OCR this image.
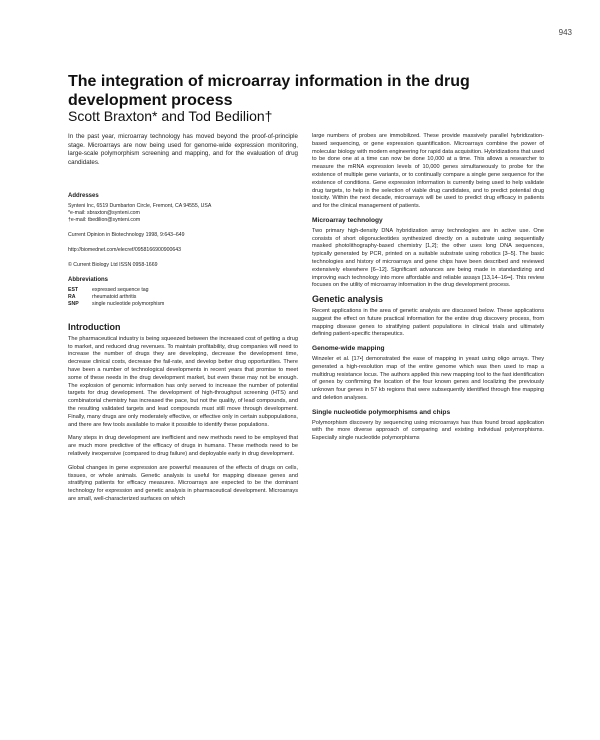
943
The integration of microarray information in the drug development process
Scott Braxton* and Tod Bedilion†

In the past year, microarray technology has moved beyond the proof-of-principle stage. Microarrays are now being used for genome-wide expression monitoring, large-scale polymorphism screening and mapping, and for the evaluation of drug candidates.

Addresses
Synteni Inc, 6519 Dumbarton Circle, Fremont, CA 94555, USA
*e-mail: sbraxton@synteni.com
†e-mail: tbedilion@synteni.com
Current Opinion in Biotechnology 1998, 9:643–649
http://biomednet.com/elecref/0958166900900643
© Current Biology Ltd ISSN 0958-1669
Abbreviations
EST	expressed sequence tag
RA	rheumatoid arthritis
SNP	single nucleotide polymorphism
Introduction

The pharmaceutical industry is being squeezed between the increased cost of getting a drug to market, and reduced drug revenues. To maintain profitability, drug companies will need to increase the number of drugs they are developing, decrease the development time, decrease clinical costs, decrease the fail-rate, and develop better drug opportunities. There have been a number of technological developments in recent years that promise to meet some of these needs in the drug development market, but even these may not be enough. The explosion of genomic information has only served to increase the number of potential targets for drug development. The development of high-throughput screening (HTS) and combinatorial chemistry has increased the pace, but not the quality, of lead compounds, and the resulting validated targets and lead compounds must still move through development. Finally, many drugs are only moderately effective, or effective only in certain subpopulations, and there are few tools available to make it possible to identify these populations.

Many steps in drug development are inefficient and new methods need to be employed that are much more predictive of the efficacy of drugs in humans. These methods need to be relatively inexpensive (compared to drug failure) and deployable early in drug development.

Global changes in gene expression are powerful measures of the effects of drugs on cells, tissues, or whole animals. Genetic analysis is useful for mapping disease genes and stratifying patients for efficacy measures. Microarrays are expected to be the dominant technology for expression and genetic analysis in pharmaceutical development. Microarrays are small, well-characterized surfaces on which

large numbers of probes are immobilized. These provide massively parallel hybridization-based sequencing, or gene expression quantification. Microarrays combine the power of molecular biology with modern engineering for rapid data acquisition. Hybridizations that used to be done one at a time can now be done 10,000 at a time. This allows a researcher to measure the mRNA expression levels of 10,000 genes simultaneously to probe for the existence of multiple gene variants, or to continually compare a single gene sequence for the existence of conditions. Gene expression information is currently being used to help validate drug targets, to help in the selection of viable drug candidates, and to predict potential drug toxicity. Within the next decade, microarrays will be used to predict drug efficacy in patients and for the clinical management of patients.

Microarray technology

Two primary high-density DNA hybridization array technologies are in active use. One consists of short oligonucleotides synthesized directly on a substrate using sequentially masked photolithography-based chemistry [1,2]; the other uses long DNA sequences, typically generated by PCR, printed on a suitable substrate using robotics [3–5]. The basic technologies and history of microarrays and gene chips have been described and reviewed extensively elsewhere [6–12]. Significant advances are being made in standardizing and improving each technology into more affordable and reliable assays [13,14–16••]. This review focuses on the utility of microarray information in the drug development process.

Genetic analysis

Recent applications in the area of genetic analysis are discussed below. These applications suggest the effect on future practical information for the entire drug discovery process, from mapping disease genes to stratifying patient populations in clinical trials and ultimately defining patient-specific therapeutics.

Genome-wide mapping

Winzeler et al. [17•] demonstrated the ease of mapping in yeast using oligo arrays. They generated a high-resolution map of the entire genome which was then used to map a multidrug resistance locus. The authors applied this new mapping tool to the fast identification of genes by confirming the location of the four known genes and localizing the previously unknown four genes in 57 kb regions that were subsequently identified through fine mapping and deletion analyses.

Single nucleotide polymorphisms and chips

Polymorphism discovery by sequencing using microarrays has thus found broad application with the more diverse approach of comparing and existing individual polymorphisms. Especially single nucleotide polymorphisms
